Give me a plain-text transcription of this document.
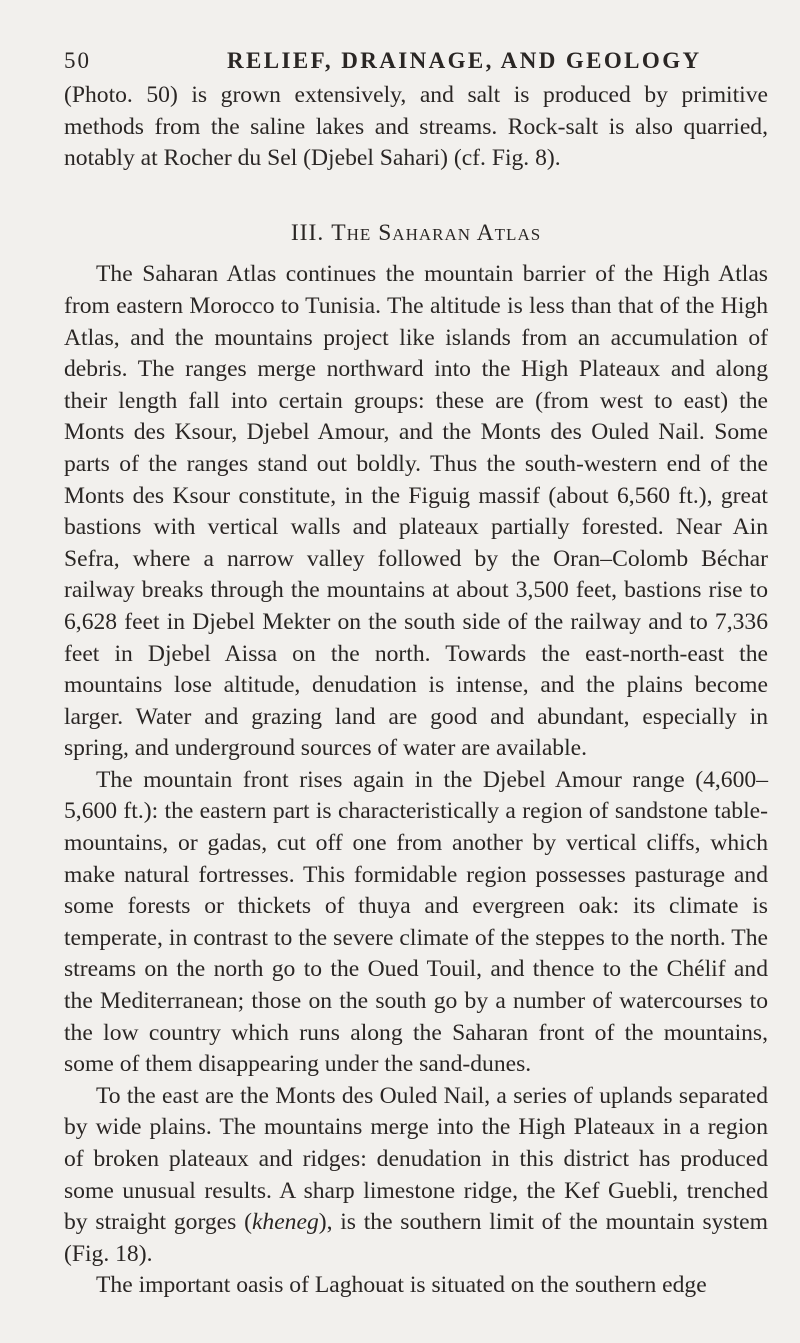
50	RELIEF, DRAINAGE, AND GEOLOGY

(Photo. 50) is grown extensively, and salt is produced by primitive methods from the saline lakes and streams. Rock-salt is also quarried, notably at Rocher du Sel (Djebel Sahari) (cf. Fig. 8).

III. The Saharan Atlas

The Saharan Atlas continues the mountain barrier of the High Atlas from eastern Morocco to Tunisia. The altitude is less than that of the High Atlas, and the mountains project like islands from an accumulation of debris. The ranges merge northward into the High Plateaux and along their length fall into certain groups: these are (from west to east) the Monts des Ksour, Djebel Amour, and the Monts des Ouled Nail. Some parts of the ranges stand out boldly. Thus the south-western end of the Monts des Ksour constitute, in the Figuig massif (about 6,560 ft.), great bastions with vertical walls and plateaux partially forested. Near Ain Sefra, where a narrow valley followed by the Oran–Colomb Béchar railway breaks through the mountains at about 3,500 feet, bastions rise to 6,628 feet in Djebel Mekter on the south side of the railway and to 7,336 feet in Djebel Aissa on the north. Towards the east-north-east the mountains lose altitude, denudation is intense, and the plains become larger. Water and grazing land are good and abundant, especially in spring, and underground sources of water are available.

The mountain front rises again in the Djebel Amour range (4,600–5,600 ft.): the eastern part is characteristically a region of sandstone table-mountains, or gadas, cut off one from another by vertical cliffs, which make natural fortresses. This formidable region possesses pasturage and some forests or thickets of thuya and evergreen oak: its climate is temperate, in contrast to the severe climate of the steppes to the north. The streams on the north go to the Oued Touil, and thence to the Chélif and the Mediterranean; those on the south go by a number of watercourses to the low country which runs along the Saharan front of the mountains, some of them disappearing under the sand-dunes.

To the east are the Monts des Ouled Nail, a series of uplands separated by wide plains. The mountains merge into the High Plateaux in a region of broken plateaux and ridges: denudation in this district has produced some unusual results. A sharp limestone ridge, the Kef Guebli, trenched by straight gorges (kheneg), is the southern limit of the mountain system (Fig. 18).

The important oasis of Laghouat is situated on the southern edge
